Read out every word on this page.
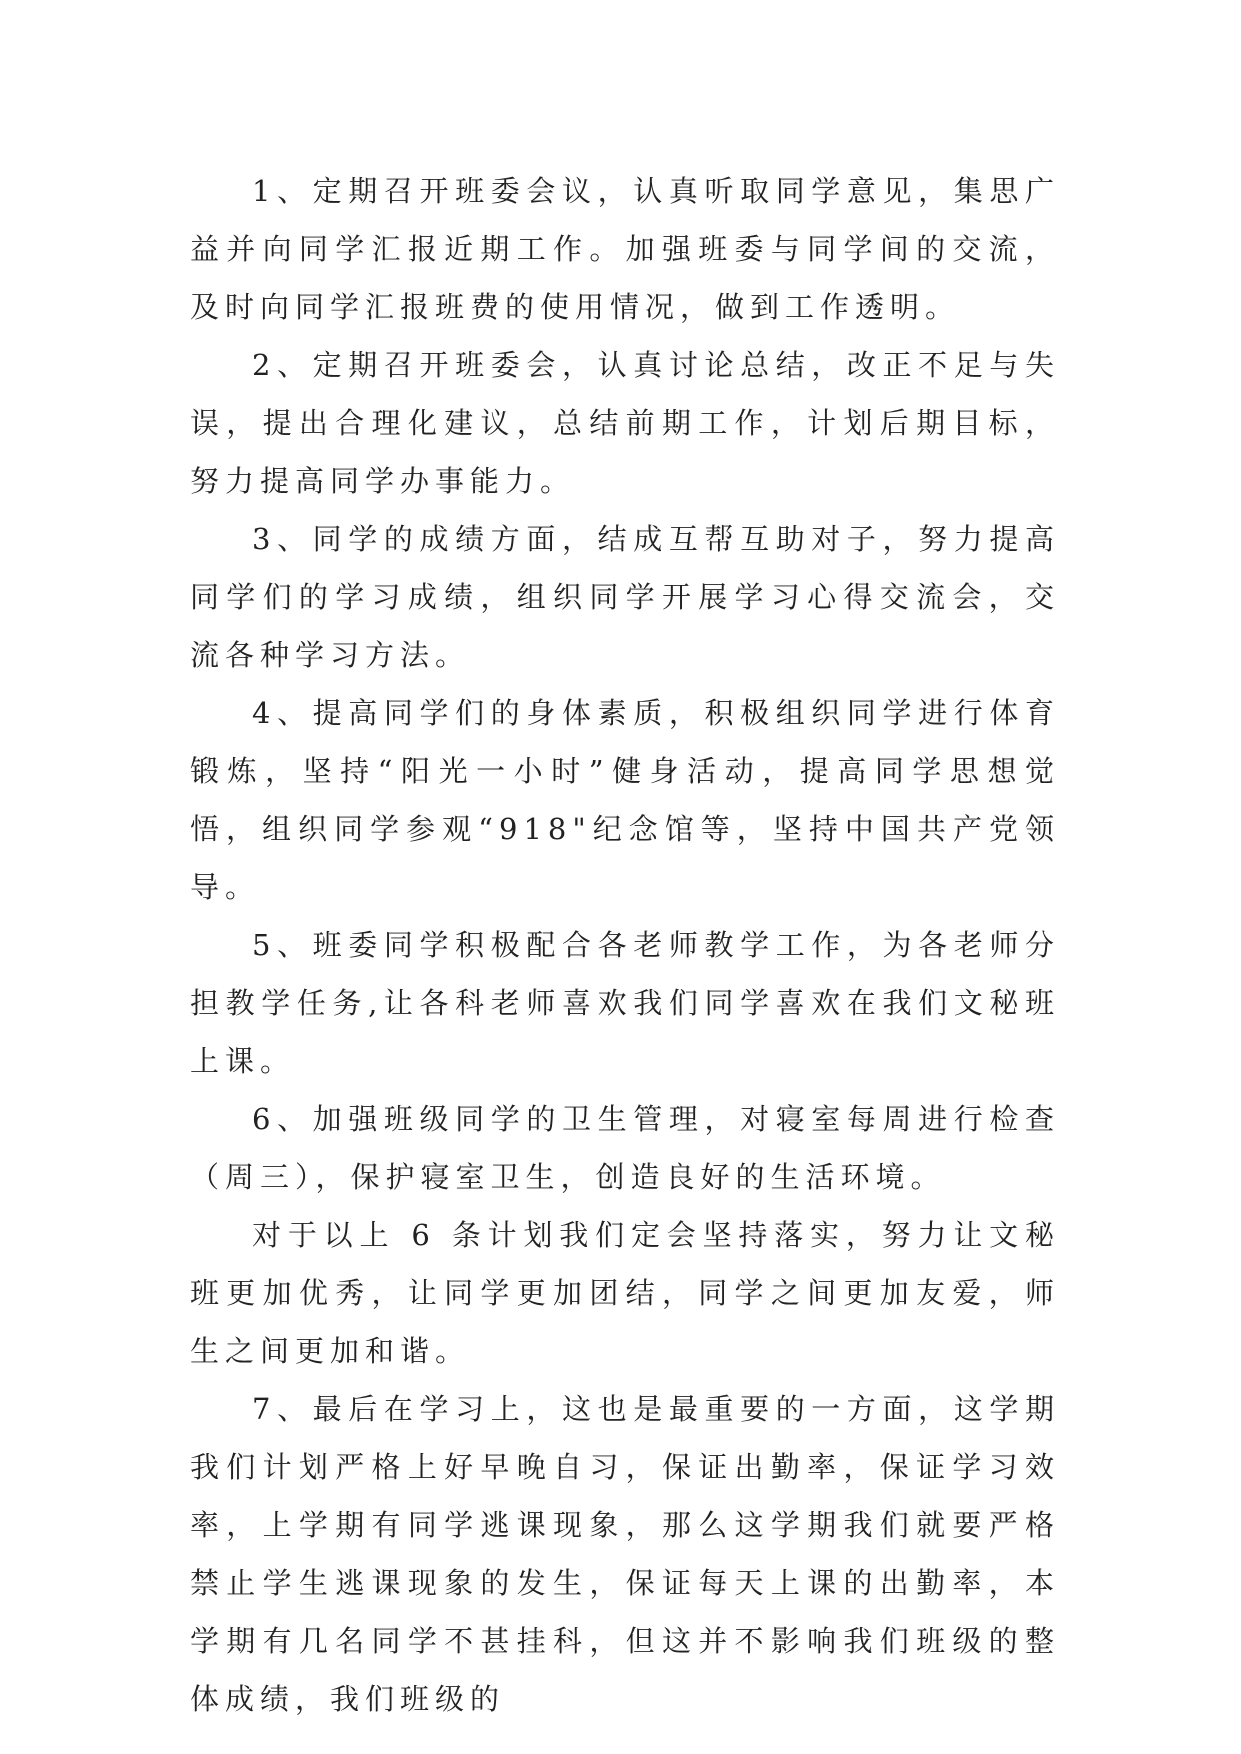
1、定期召开班委会议，认真听取同学意见，集思广益并向同学汇报近期工作。加强班委与同学间的交流，及时向同学汇报班费的使用情况，做到工作透明。

2、定期召开班委会，认真讨论总结，改正不足与失误，提出合理化建议，总结前期工作，计划后期目标，努力提高同学办事能力。

3、同学的成绩方面，结成互帮互助对子，努力提高同学们的学习成绩，组织同学开展学习心得交流会，交流各种学习方法。

4、提高同学们的身体素质，积极组织同学进行体育锻炼，坚持“阳光一小时”健身活动，提高同学思想觉悟，组织同学参观“918"纪念馆等，坚持中国共产党领导。

5、班委同学积极配合各老师教学工作，为各老师分担教学任务,让各科老师喜欢我们同学喜欢在我们文秘班上课。

6、加强班级同学的卫生管理，对寝室每周进行检查（周三），保护寝室卫生，创造良好的生活环境。

对于以上 6 条计划我们定会坚持落实，努力让文秘班更加优秀，让同学更加团结，同学之间更加友爱，师生之间更加和谐。

7、最后在学习上，这也是最重要的一方面，这学期我们计划严格上好早晚自习，保证出勤率，保证学习效率，上学期有同学逃课现象，那么这学期我们就要严格禁止学生逃课现象的发生，保证每天上课的出勤率，本学期有几名同学不甚挂科，但这并不影响我们班级的整体成绩，我们班级的
